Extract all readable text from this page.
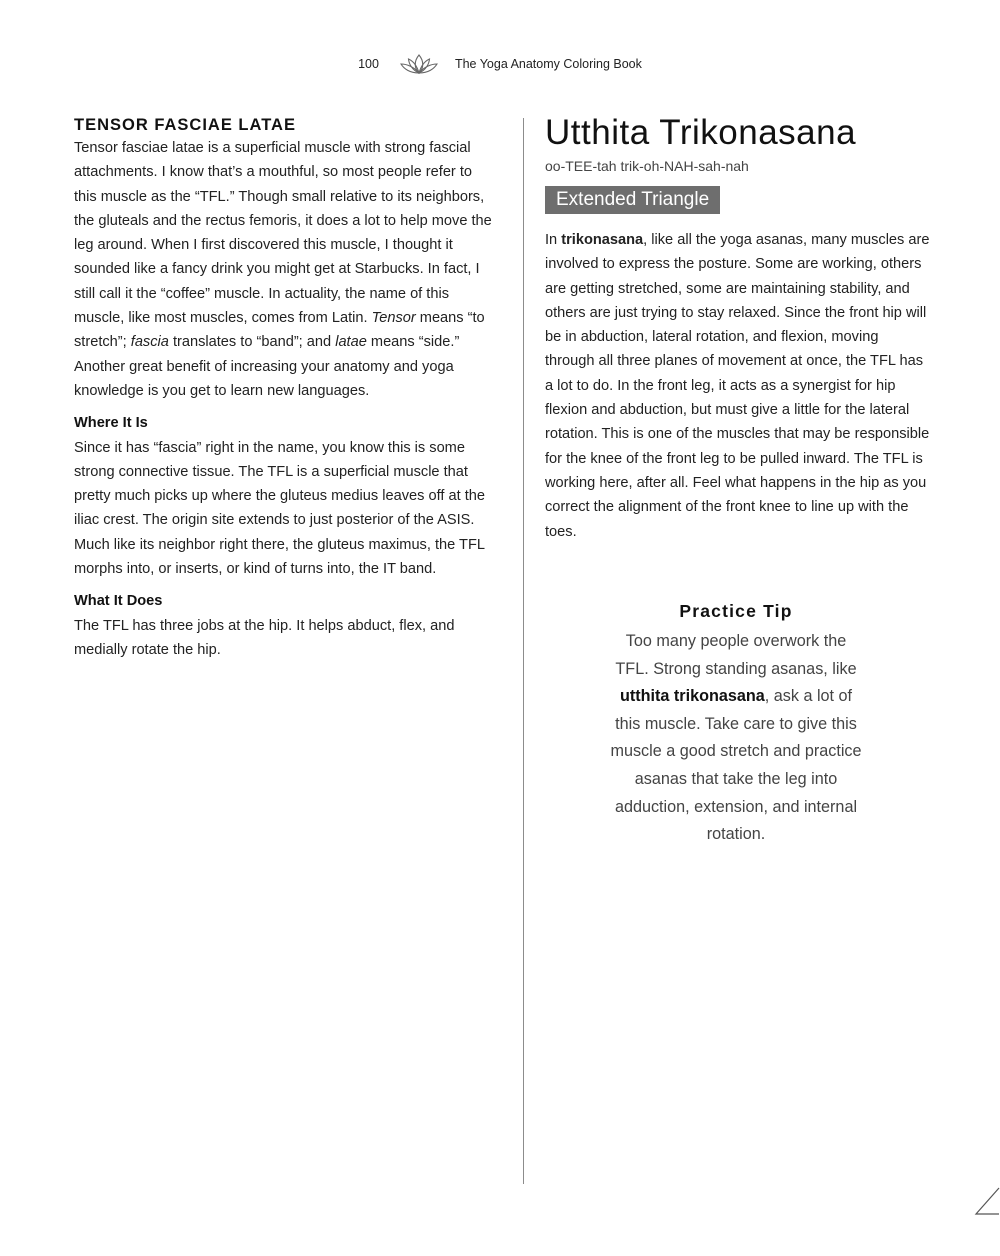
100	The Yoga Anatomy Coloring Book
TENSOR FASCIAE LATAE

Tensor fasciae latae is a superficial muscle with strong fascial attachments. I know that’s a mouthful, so most people refer to this muscle as the “TFL.” Though small relative to its neighbors, the gluteals and the rectus femoris, it does a lot to help move the leg around. When I first discovered this muscle, I thought it sounded like a fancy drink you might get at Starbucks. In fact, I still call it the “coffee” muscle. In actuality, the name of this muscle, like most muscles, comes from Latin. Tensor means “to stretch”; fascia translates to “band”; and latae means “side.” Another great benefit of increasing your anatomy and yoga knowledge is you get to learn new languages.

Where It Is

Since it has “fascia” right in the name, you know this is some strong connective tissue. The TFL is a superficial muscle that pretty much picks up where the gluteus medius leaves off at the iliac crest. The origin site extends to just posterior of the ASIS. Much like its neighbor right there, the gluteus maximus, the TFL morphs into, or inserts, or kind of turns into, the IT band.

What It Does

The TFL has three jobs at the hip. It helps abduct, flex, and medially rotate the hip.

Utthita Trikonasana

oo-TEE-tah trik-oh-NAH-sah-nah

Extended Triangle

In trikonasana, like all the yoga asanas, many muscles are involved to express the posture. Some are working, others are getting stretched, some are maintaining stability, and others are just trying to stay relaxed. Since the front hip will be in abduction, lateral rotation, and flexion, moving through all three planes of movement at once, the TFL has a lot to do. In the front leg, it acts as a synergist for hip flexion and abduction, but must give a little for the lateral rotation. This is one of the muscles that may be responsible for the knee of the front leg to be pulled inward. The TFL is working here, after all. Feel what happens in the hip as you correct the alignment of the front knee to line up with the toes.

Practice Tip

Too many people overwork the TFL. Strong standing asanas, like utthita trikonasana, ask a lot of this muscle. Take care to give this muscle a good stretch and practice asanas that take the leg into adduction, extension, and internal rotation.
